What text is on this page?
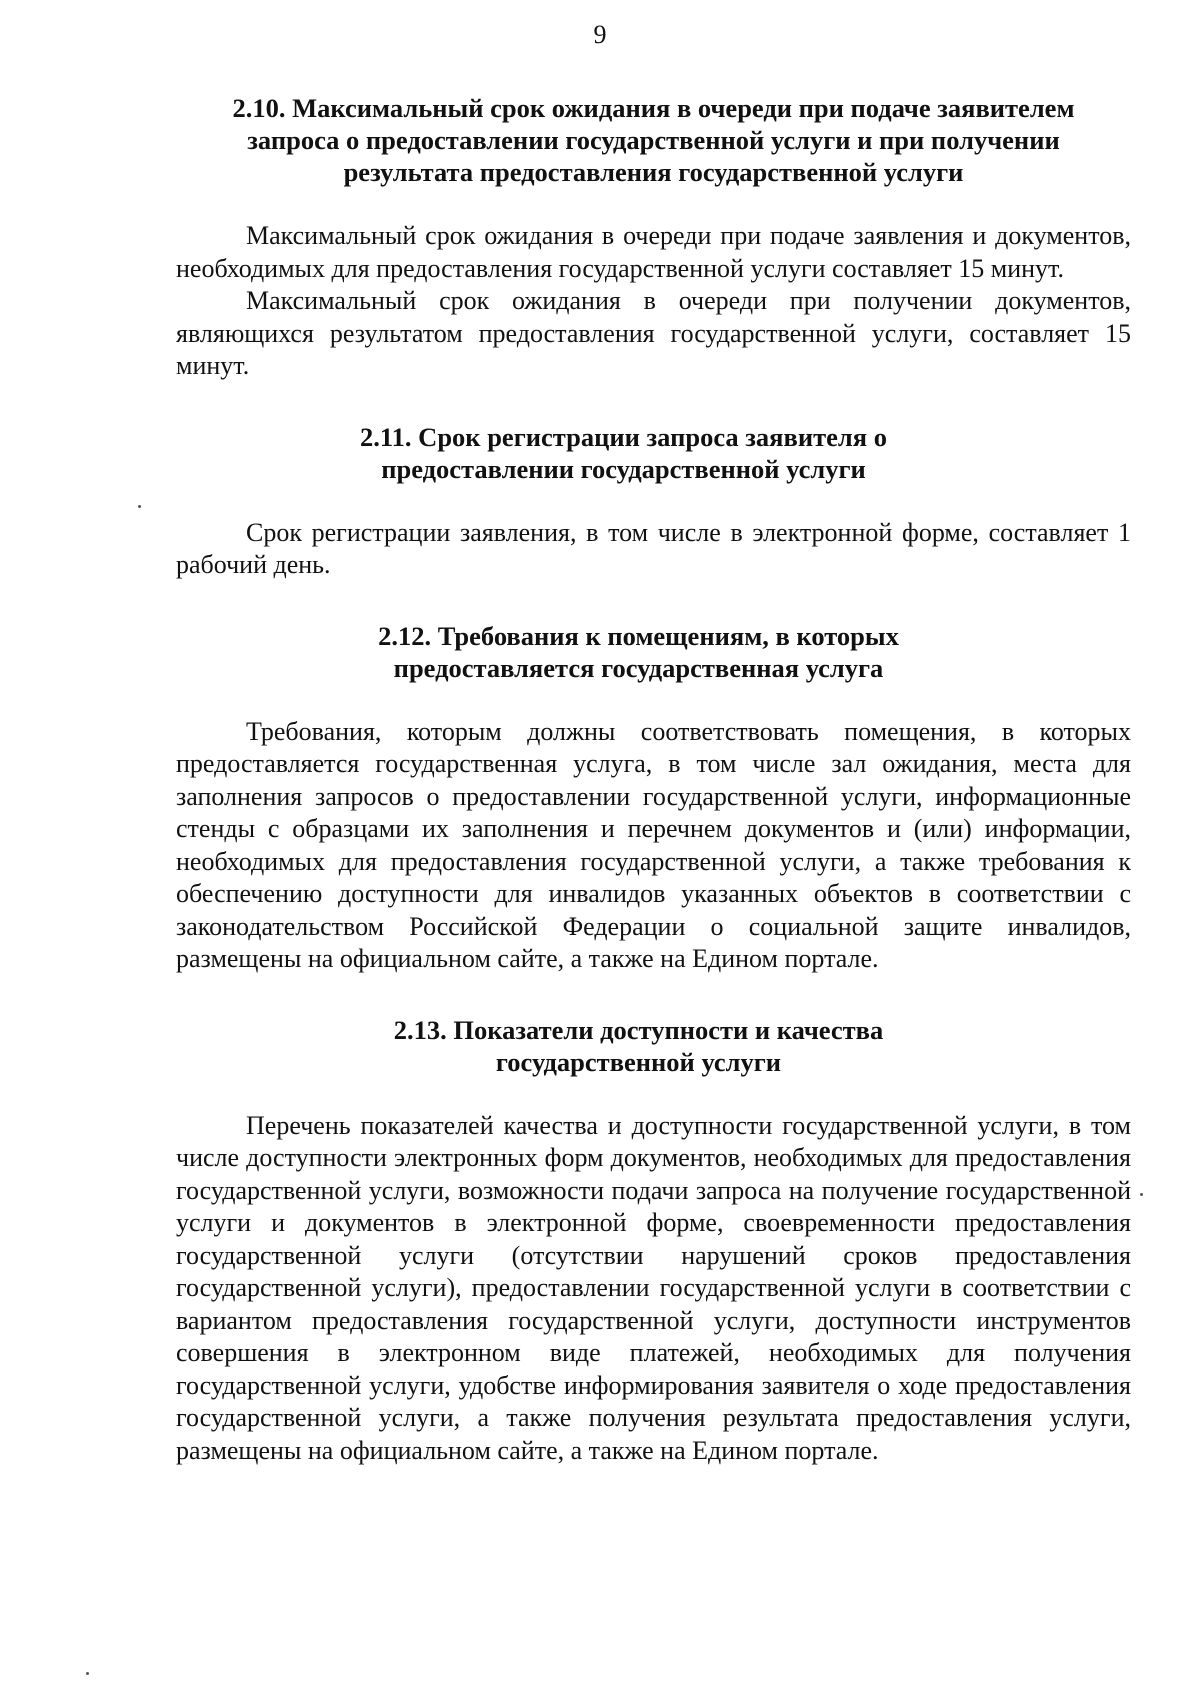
9
2.10. Максимальный срок ожидания в очереди при подаче заявителем запроса о предоставлении государственной услуги и при получении результата предоставления государственной услуги

Максимальный срок ожидания в очереди при подаче заявления и документов, необходимых для предоставления государственной услуги составляет 15 минут.

Максимальный срок ожидания в очереди при получении документов, являющихся результатом предоставления государственной услуги, составляет 15 минут.

2.11. Срок регистрации запроса заявителя о предоставлении государственной услуги

Срок регистрации заявления, в том числе в электронной форме, составляет 1 рабочий день.

2.12. Требования к помещениям, в которых предоставляется государственная услуга

Требования, которым должны соответствовать помещения, в которых предоставляется государственная услуга, в том числе зал ожидания, места для заполнения запросов о предоставлении государственной услуги, информационные стенды с образцами их заполнения и перечнем документов и (или) информации, необходимых для предоставления государственной услуги, а также требования к обеспечению доступности для инвалидов указанных объектов в соответствии с законодательством Российской Федерации о социальной защите инвалидов, размещены на официальном сайте, а также на Едином портале.

2.13. Показатели доступности и качества государственной услуги

Перечень показателей качества и доступности государственной услуги, в том числе доступности электронных форм документов, необходимых для предоставления государственной услуги, возможности подачи запроса на получение государственной услуги и документов в электронной форме, своевременности предоставления государственной услуги (отсутствии нарушений сроков предоставления государственной услуги), предоставлении государственной услуги в соответствии с вариантом предоставления государственной услуги, доступности инструментов совершения в электронном виде платежей, необходимых для получения государственной услуги, удобстве информирования заявителя о ходе предоставления государственной услуги, а также получения результата предоставления услуги, размещены на официальном сайте, а также на Едином портале.
